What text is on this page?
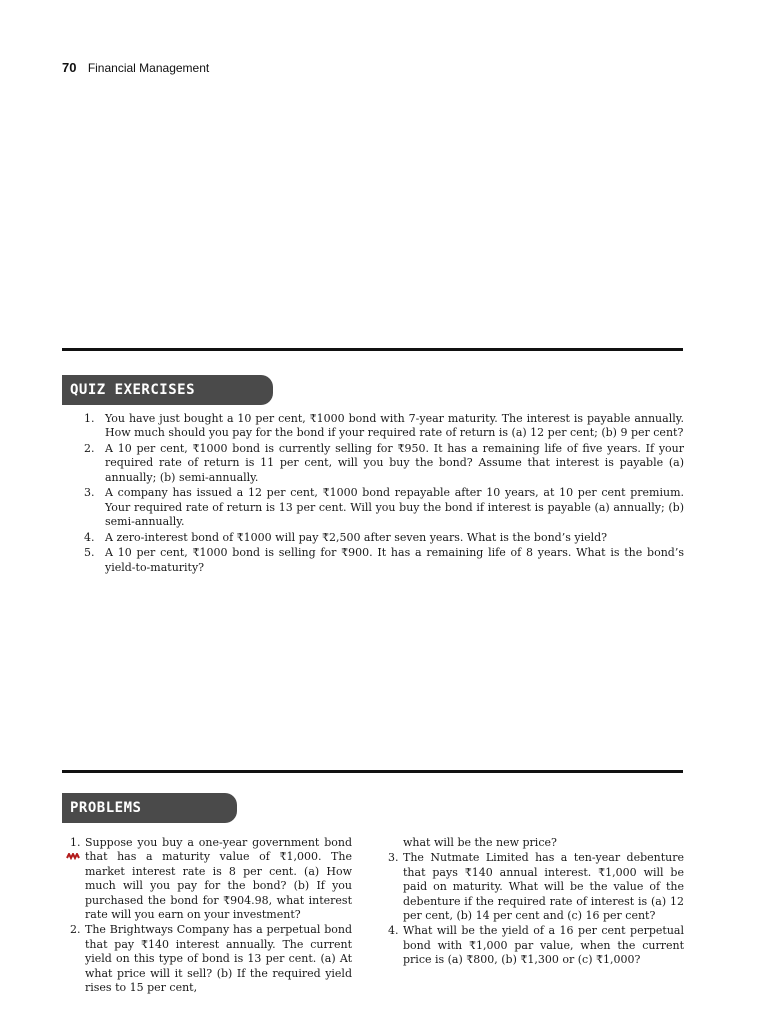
70 Financial Management
QUIZ EXERCISES
1. You have just bought a 10 per cent, ₹1000 bond with 7-year maturity. The interest is payable annually. How much should you pay for the bond if your required rate of return is (a) 12 per cent; (b) 9 per cent?
2. A 10 per cent, ₹1000 bond is currently selling for ₹950. It has a remaining life of five years. If your required rate of return is 11 per cent, will you buy the bond? Assume that interest is payable (a) annually; (b) semi-annually.
3. A company has issued a 12 per cent, ₹1000 bond repayable after 10 years, at 10 per cent premium. Your required rate of return is 13 per cent. Will you buy the bond if interest is payable (a) annually; (b) semi-annually.
4. A zero-interest bond of ₹1000 will pay ₹2,500 after seven years. What is the bond’s yield?
5. A 10 per cent, ₹1000 bond is selling for ₹900. It has a remaining life of 8 years. What is the bond’s yield-to-maturity?
PROBLEMS
1. Suppose you buy a one-year government bond that has a maturity value of ₹1,000. The market interest rate is 8 per cent. (a) How much will you pay for the bond? (b) If you purchased the bond for ₹904.98, what interest rate will you earn on your investment?
2. The Brightways Company has a perpetual bond that pay ₹140 interest annually. The current yield on this type of bond is 13 per cent. (a) At what price will it sell? (b) If the required yield rises to 15 per cent,
what will be the new price?
3. The Nutmate Limited has a ten-year debenture that pays ₹140 annual interest. ₹1,000 will be paid on maturity. What will be the value of the debenture if the required rate of interest is (a) 12 per cent, (b) 14 per cent and (c) 16 per cent?
4. What will be the yield of a 16 per cent perpetual bond with ₹1,000 par value, when the current price is (a) ₹800, (b) ₹1,300 or (c) ₹1,000?
